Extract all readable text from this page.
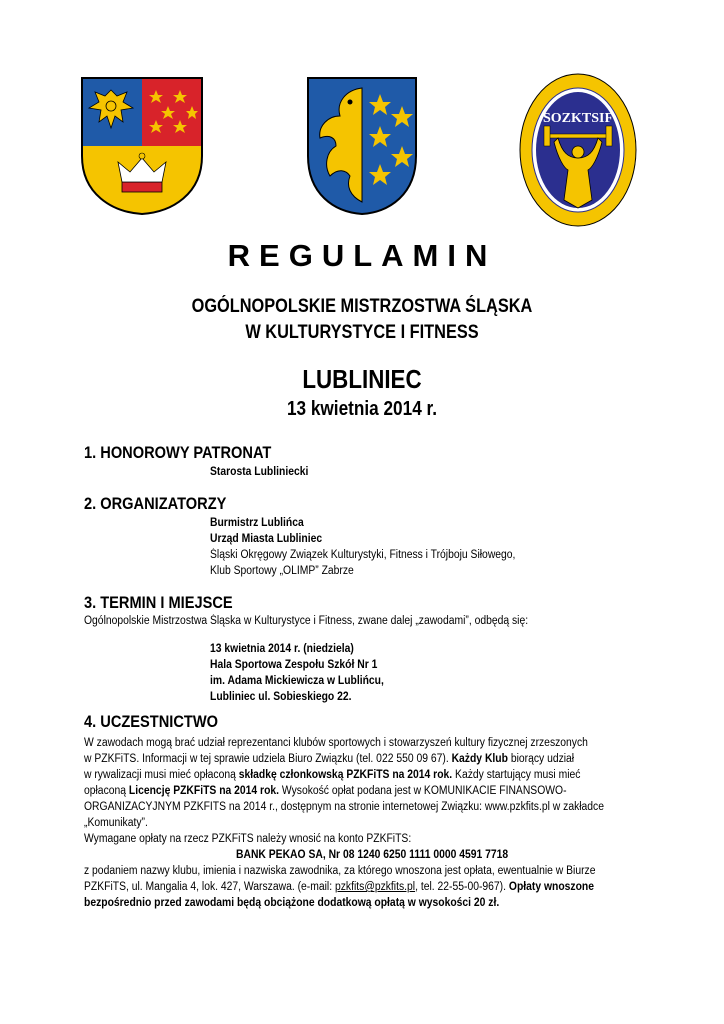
SOZKTSIF
REGULAMIN
OGÓLNOPOLSKIE MISTRZOSTWA ŚLĄSKA
W KULTURYSTYCE I FITNESS
LUBLINIEC
13 kwietnia 2014 r.
1. HONOROWY PATRONAT
Starosta Lubliniecki
2. ORGANIZATORZY
Burmistrz Lublińca
Urząd Miasta Lubliniec
Śląski Okręgowy Związek Kulturystyki, Fitness i Trójboju Siłowego,
Klub Sportowy „OLIMP” Zabrze
3. TERMIN I MIEJSCE
Ogólnopolskie Mistrzostwa Śląska w Kulturystyce i Fitness, zwane dalej „zawodami”, odbędą się:
13 kwietnia 2014 r. (niedziela)
Hala Sportowa Zespołu Szkół Nr 1
im. Adama Mickiewicza w Lublińcu,
Lubliniec ul. Sobieskiego 22.
4. UCZESTNICTWO
W zawodach mogą brać udział reprezentanci klubów sportowych i stowarzyszeń kultury fizycznej zrzeszonych
w PZKFiTS. Informacji w tej sprawie udziela Biuro Związku (tel. 022 550 09 67). Każdy Klub biorący udział
w rywalizacji musi mieć opłaconą składkę członkowską PZKFiTS na 2014 rok. Każdy startujący musi mieć
opłaconą Licencję PZKFiTS na 2014 rok. Wysokość opłat podana jest w KOMUNIKACIE FINANSOWO-
ORGANIZACYJNYM PZKFITS na 2014 r., dostępnym na stronie internetowej Związku: www.pzkfits.pl w zakładce
„Komunikaty”.
Wymagane opłaty na rzecz PZKFiTS należy wnosić na konto PZKFiTS:
BANK PEKAO SA, Nr 08 1240 6250 1111 0000 4591 7718
z podaniem nazwy klubu, imienia i nazwiska zawodnika, za którego wnoszona jest opłata, ewentualnie w Biurze
PZKFiTS, ul. Mangalia 4, lok. 427, Warszawa. (e-mail: pzkfits@pzkfits.pl, tel. 22-55-00-967). Opłaty wnoszone
bezpośrednio przed zawodami będą obciążone dodatkową opłatą w wysokości 20 zł.
